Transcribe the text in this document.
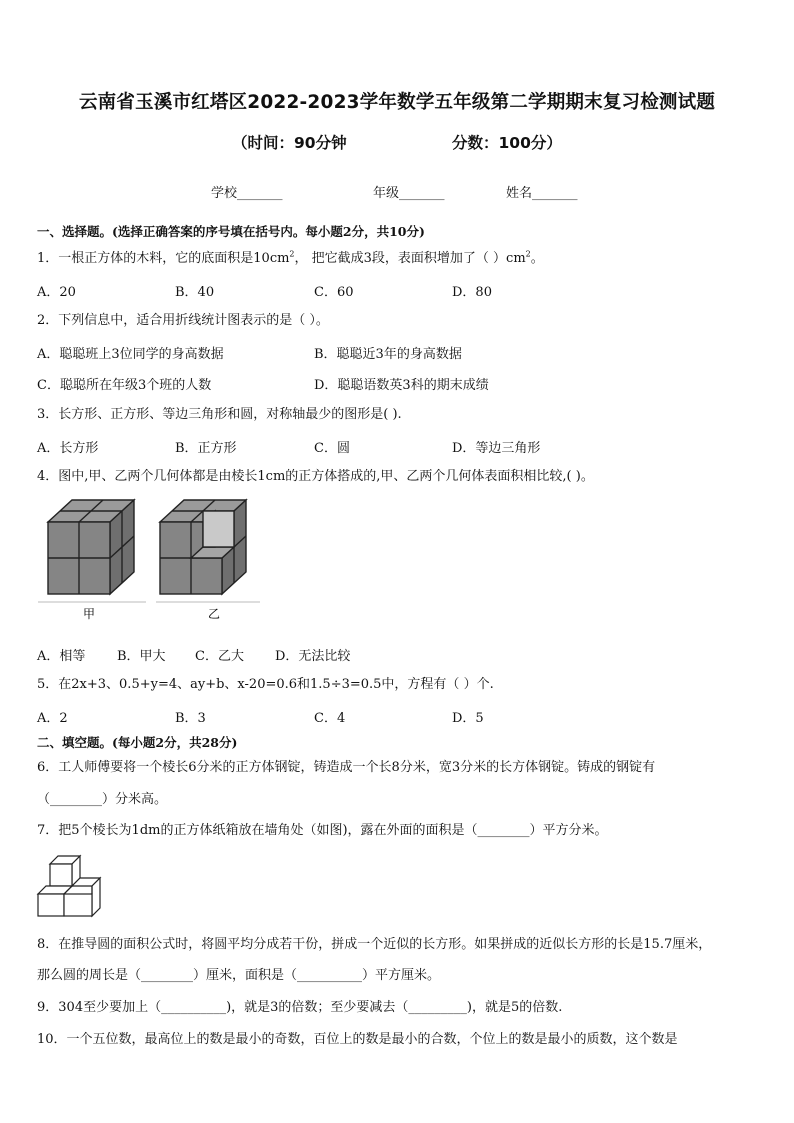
云南省玉溪市红塔区2022-2023学年数学五年级第二学期期末复习检测试题
（时间：90分钟	分数：100分）
学校_______	年级_______	姓名_______
一、选择题。(选择正确答案的序号填在括号内。每小题2分，共10分)
1．一根正方体的木料，它的底面积是$10cm^2$， 把它截成3段，表面积增加了（ ）$cm^2$。
A．20	B．40	C．60	D．80
2．下列信息中，适合用折线统计图表示的是（ ）。
A．聪聪班上3位同学的身高数据	B．聪聪近3年的身高数据
C．聪聪所在年级3个班的人数	D．聪聪语数英3科的期末成绩
3．长方形、正方形、等边三角形和圆，对称轴最少的图形是( ).
A．长方形	B．正方形	C．圆	D．等边三角形
4．图中,甲、乙两个几何体都是由棱长1cm的正方体搭成的,甲、乙两个几何体表面积相比较,( )。
甲	乙
A．相等 B．甲大 C．乙大 D．无法比较
5．在2x+3、0.5+y=4、ay+b、x-20=0.6和1.5÷3=0.5中，方程有（ ）个.
A．2	B．3	C．4	D．5
二、填空题。(每小题2分，共28分)
6．工人师傅要将一个棱长6分米的正方体钢锭，铸造成一个长8分米，宽3分米的长方体钢锭。铸成的钢锭有
（________）分米高。
7．把5个棱长为1dm的正方体纸箱放在墙角处（如图)，露在外面的面积是（________）平方分米。
8．在推导圆的面积公式时，将圆平均分成若干份，拼成一个近似的长方形。如果拼成的近似长方形的长是15.7厘米，
那么圆的周长是（________）厘米，面积是（__________）平方厘米。
9．304至少要加上（__________)，就是3的倍数；至少要减去（_________)，就是5的倍数.
10．一个五位数，最高位上的数是最小的奇数，百位上的数是最小的合数，个位上的数是最小的质数，这个数是
